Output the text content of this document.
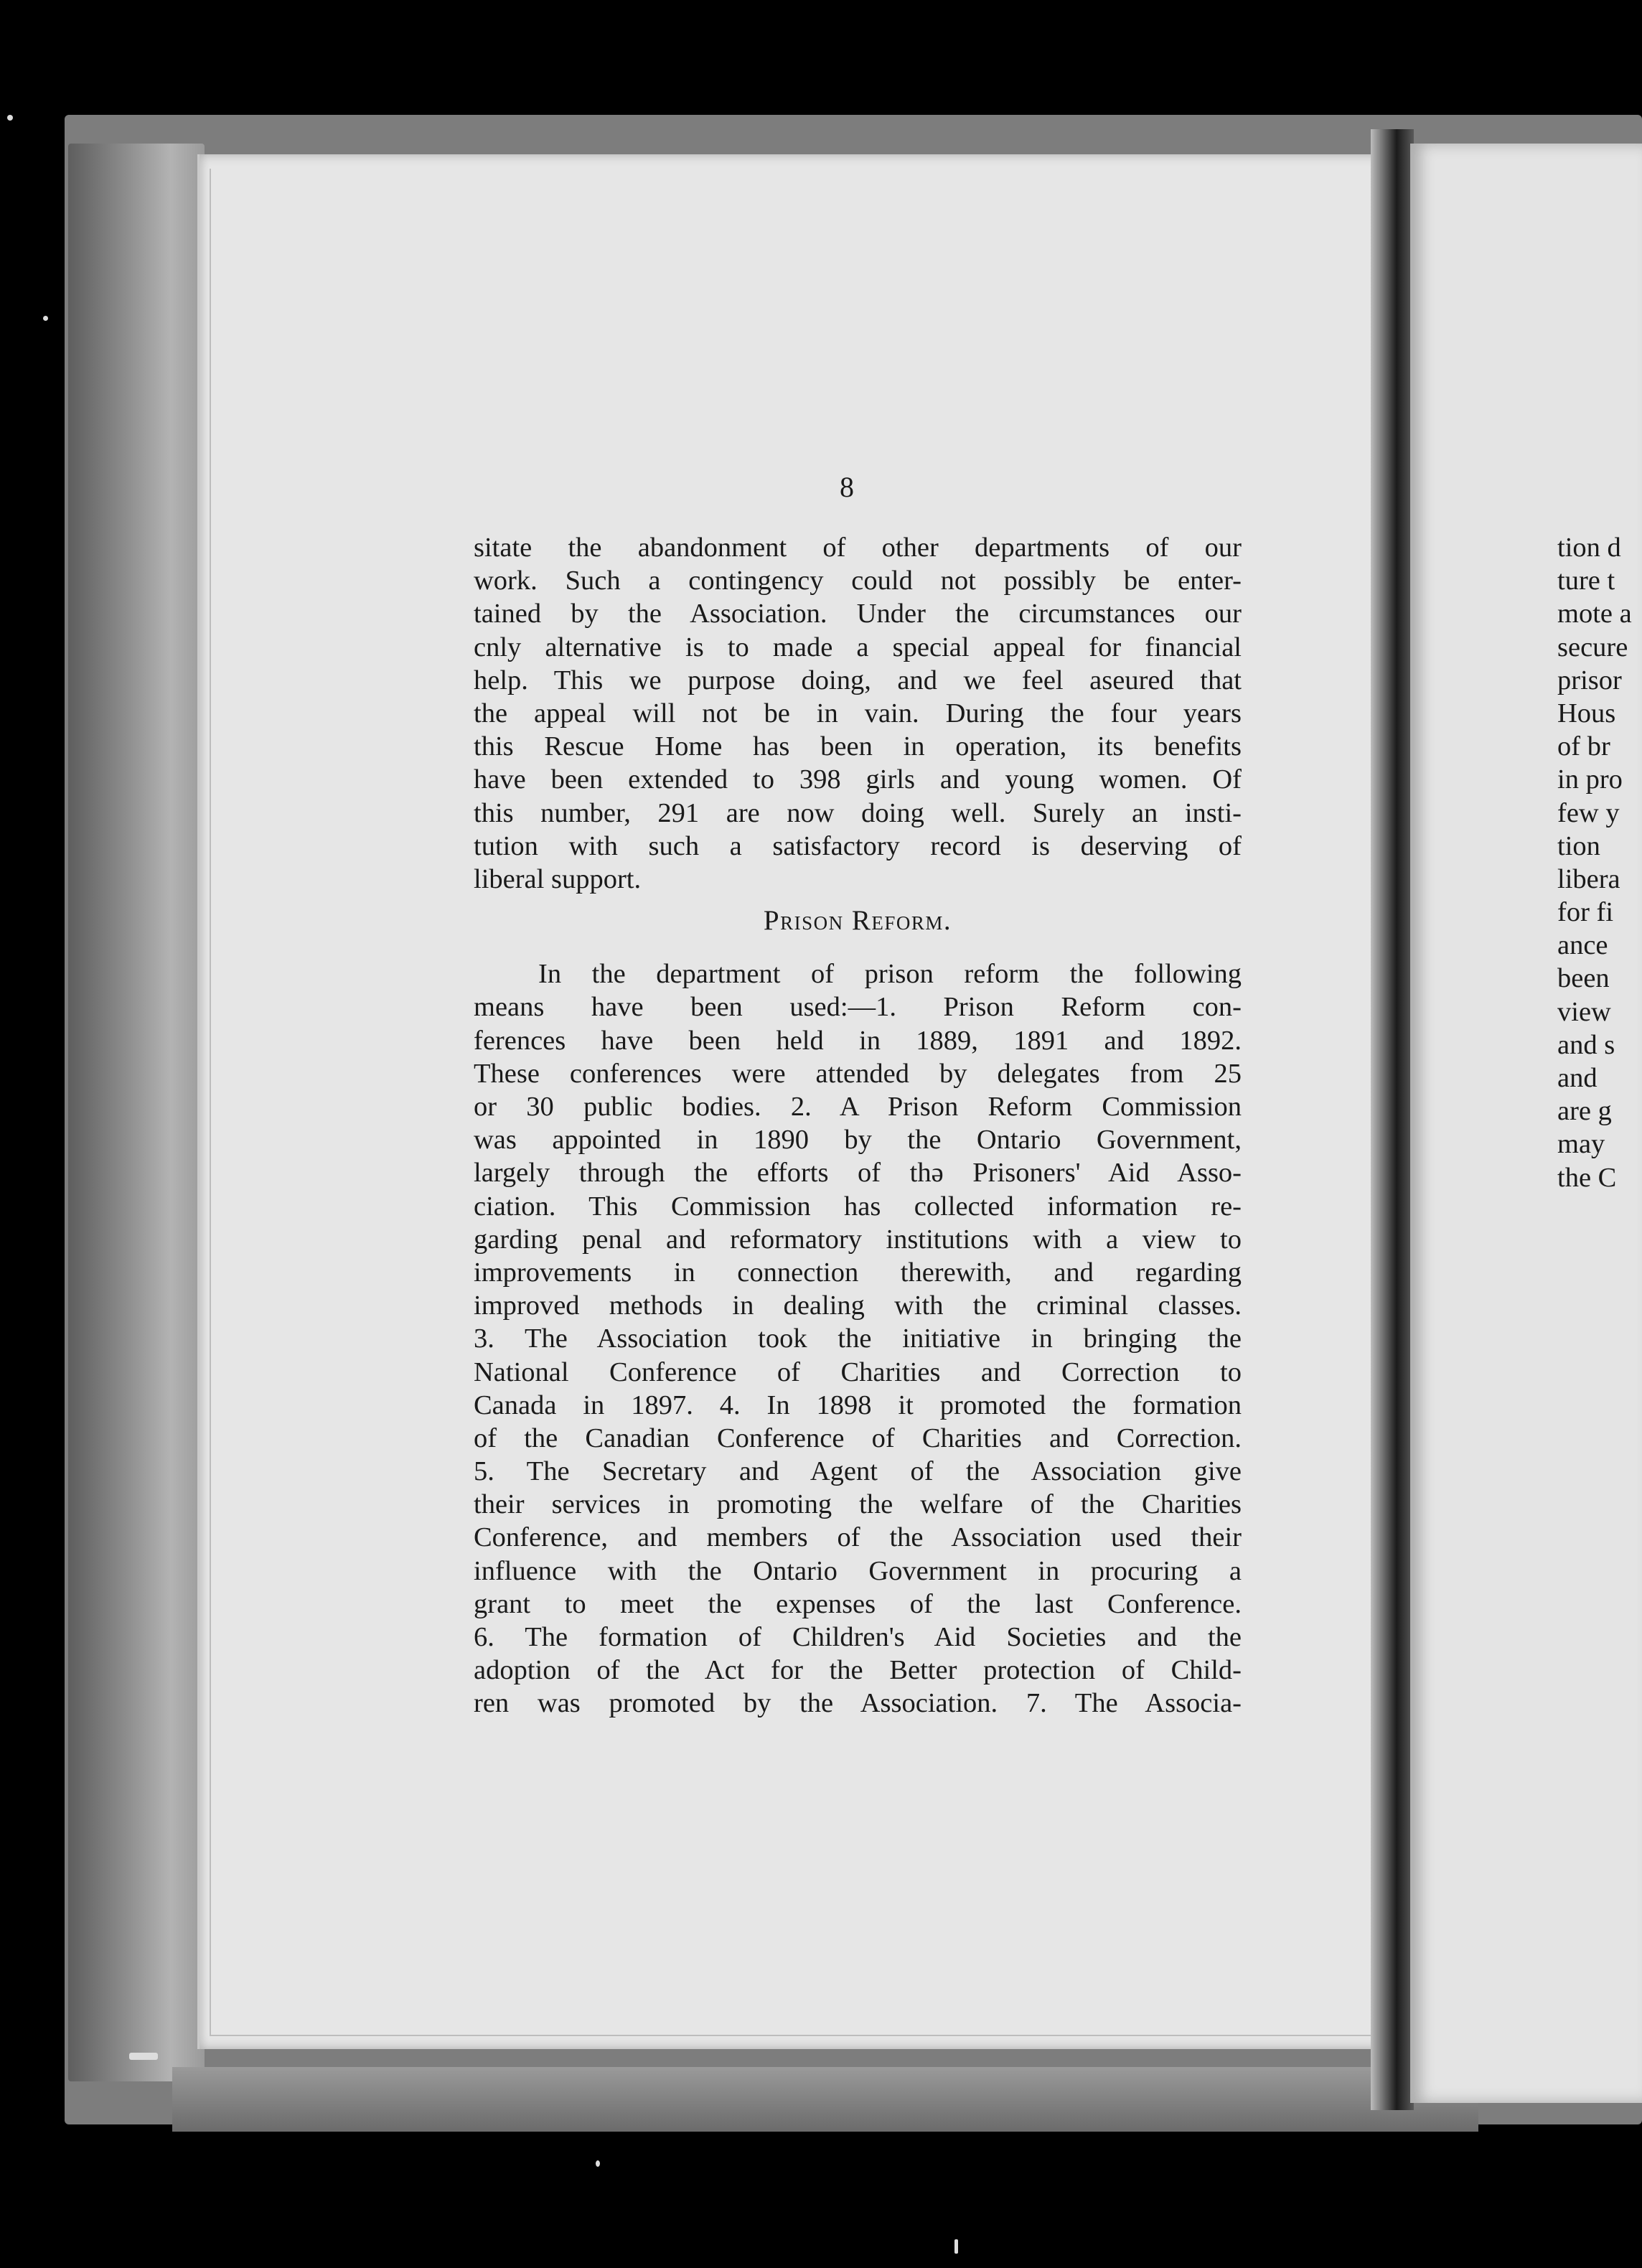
8
sitate the abandonment of other departments of our
work. Such a contingency could not possibly be enter-
tained by the Association. Under the circumstances our
cnly alternative is to made a special appeal for financial
help. This we purpose doing, and we feel aseured that
the appeal will not be in vain. During the four years
this Rescue Home has been in operation, its benefits
have been extended to 398 girls and young women. Of
this number, 291 are now doing well. Surely an insti-
tution with such a satisfactory record is deserving of
liberal support.
Prison Reform.
In the department of prison reform the following
means have been used:—1. Prison Reform con-
ferences have been held in 1889, 1891 and 1892.
These conferences were attended by delegates from 25
or 30 public bodies. 2. A Prison Reform Commission
was appointed in 1890 by the Ontario Government,
largely through the efforts of thə Prisoners' Aid Asso-
ciation. This Commission has collected information re-
garding penal and reformatory institutions with a view to
improvements in connection therewith, and regarding
improved methods in dealing with the criminal classes.
3. The Association took the initiative in bringing the
National Conference of Charities and Correction to
Canada in 1897. 4. In 1898 it promoted the formation
of the Canadian Conference of Charities and Correction.
5. The Secretary and Agent of the Association give
their services in promoting the welfare of the Charities
Conference, and members of the Association used their
influence with the Ontario Government in procuring a
grant to meet the expenses of the last Conference.
6. The formation of Children's Aid Societies and the
adoption of the Act for the Better protection of Child-
ren was promoted by the Association. 7. The Associa-
tion d
ture t
mote a
secure
prisor
Hous
of br
in pro
few y
tion
libera
for fi
ance
been
view
and s
and
are g
may
the C
